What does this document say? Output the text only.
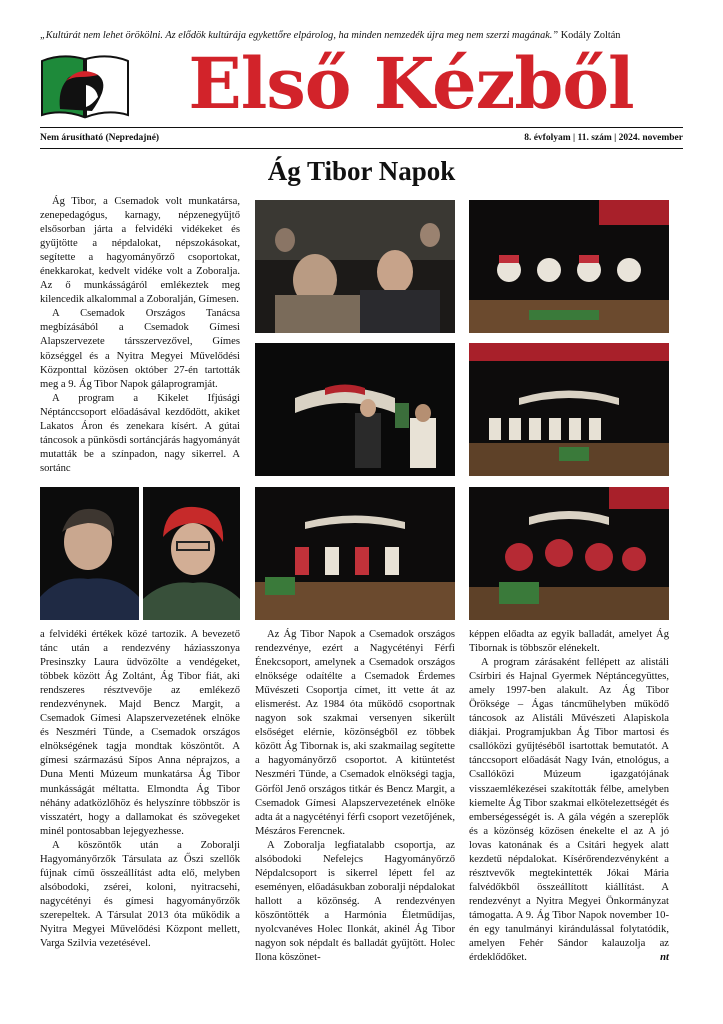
„Kultúrát nem lehet örökölni. Az elődök kultúrája egykettőre elpárolog, ha minden nemzedék újra meg nem szerzi magának.” Kodály Zoltán
Első Kézből
Nem árusítható (Nepredajné)	8. évfolyam | 11. szám | 2024. november
Ág Tibor Napok

Ág Tibor, a Csemadok volt munkatársa, zenepedagógus, karnagy, népzenegyűjtő elsősorban járta a felvidéki vidékeket és gyűjtötte a népdalokat, népszokásokat, segítette a hagyományőrző csoportokat, énekkarokat, kedvelt vidéke volt a Zoboralja. Az ő munkásságáról emlékeztek meg kilencedik alkalommal a Zoboralján, Gímesen.

A Csemadok Országos Tanácsa megbízásából a Csemadok Gímesi Alapszervezete társszervezővel, Gímes községgel és a Nyitra Megyei Művelődési Központtal közösen október 27-én tartották meg a 9. Ág Tibor Napok gálaprogramját.

A program a Kikelet Ifjúsági Néptánccsoport előadásával kezdődött, akiket Lakatos Áron és zenekara kísért. A gútai táncosok a pünkösdi sortáncjárás hagyományát mutatták be a színpadon, nagy sikerrel. A sortánc

a felvidéki értékek közé tartozik. A bevezető tánc után a rendezvény háziasszonya Presinszky Laura üdvözölte a vendégeket, többek között Ág Zoltánt, Ág Tibor fiát, aki rendszeres résztvevője az emlékező rendezvénynek. Majd Bencz Margit, a Csemadok Gímesi Alapszervezetének elnöke és Neszméri Tünde, a Csemadok országos elnökségének tagja mondtak köszöntőt. A gímesi származású Sípos Anna néprajzos, a Duna Menti Múzeum munkatársa Ág Tibor munkásságát méltatta. Elmondta Ág Tibor néhány adatközlőhöz és helyszínre többször is visszatért, hogy a dallamokat és szövegeket minél pontosabban lejegyezhesse.

A köszöntők után a Zoboralji Hagyományőrzők Társulata az Őszi szellők fújnak című összeállítást adta elő, melyben alsóbodoki, zsérei, koloni, nyitracsehi, nagycétényi és gímesi hagyományőrzők szerepeltek. A Társulat 2013 óta működik a Nyitra Megyei Művelődési Központ mellett, Varga Szilvia vezetésével.

Az Ág Tibor Napok a Csemadok országos rendezvénye, ezért a Nagycétényi Férfi Énekcsoport, amelynek a Csemadok országos elnöksége odaítélte a Csemadok Érdemes Művészeti Csoportja címet, itt vette át az elismerést. Az 1984 óta működő csoportnak nagyon sok szakmai versenyen sikerült elsőséget elérnie, közönségből ez többek között Ág Tibornak is, aki szakmailag segítette a hagyományőrző csoportot. A kitüntetést Neszméri Tünde, a Csemadok elnökségi tagja, Görföl Jenő országos titkár és Bencz Margit, a Csemadok Gímesi Alapszervezetének elnöke adta át a nagycétényi férfi csoport vezetőjének, Mészáros Ferencnek.

A Zoboralja legfiatalabb csoportja, az alsóbodoki Nefelejcs Hagyományőrző Népdalcsoport is sikerrel lépett fel az eseményen, előadásukban zoboralji népdalokat hallott a közönség. A rendezvényen köszöntötték a Harmónia Életműdíjas, nyolcvanéves Holec Ilonkát, akinél Ág Tibor nagyon sok népdalt és balladát gyűjtött. Holec Ilona köszönet-

képpen előadta az egyik balladát, amelyet Ág Tibornak is többször elénekelt.

A program zárásaként fellépett az alistáli Csírbiri és Hajnal Gyermek Néptáncegyüttes, amely 1997-ben alakult. Az Ág Tibor Öröksége – Ágas táncműhelyben működő táncosok az Alistáli Művészeti Alapiskola diákjai. Programjukban Ág Tibor martosi és csallóközi gyűjtéséből isartottak bemutatót. A tánccsoport előadását Nagy Iván, etnológus, a Csallóközi Múzeum igazgatójának visszaemlékezései szakították félbe, amelyben kiemelte Ág Tibor szakmai elkötelezettségét és emberségességét is. A gála végén a szereplők és a közönség közösen énekelte el az A jó lovas katonának és a Csitári hegyek alatt kezdetű népdalokat. Kísérőrendezvényként a résztvevők megtekintették Jókai Mária falvédőkből összeállított kiállítást. A rendezvényt a Nyitra Megyei Önkormányzat támogatta. A 9. Ág Tibor Napok november 10-én egy tanulmányi kirándulással folytatódik, amelyen Fehér Sándor kalauzolja az érdeklődőket.	nt
